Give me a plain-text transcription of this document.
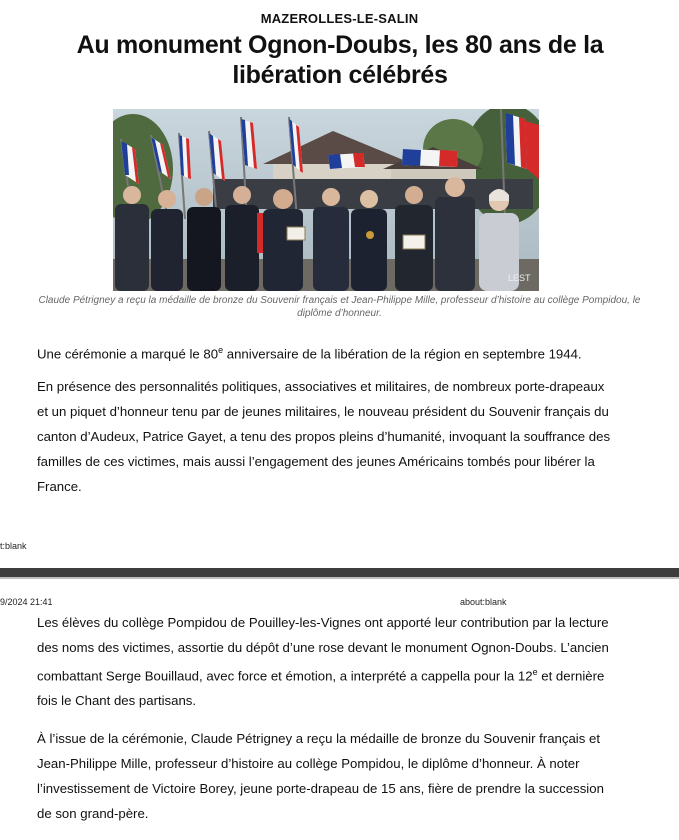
MAZEROLLES-LE-SALIN
Au monument Ognon-Doubs, les 80 ans de la libération célébrés
LEST
Claude Pétrigney a reçu la médaille de bronze du Souvenir français et Jean-Philippe Mille, professeur d’histoire au collège Pompidou, le diplôme d’honneur.

Une cérémonie a marqué le 80e anniversaire de la libération de la région en septembre 1944.

En présence des personnalités politiques, associatives et militaires, de nombreux porte-drapeaux et un piquet d’honneur tenu par de jeunes militaires, le nouveau président du Souvenir français du canton d’Audeux, Patrice Gayet, a tenu des propos pleins d’humanité, invoquant la souffrance des familles de ces victimes, mais aussi l’engagement des jeunes Américains tombés pour libérer la France.

t:blank
9/2024 21:41	about:blank

Les élèves du collège Pompidou de Pouilley-les-Vignes ont apporté leur contribution par la lecture des noms des victimes, assortie du dépôt d’une rose devant le monument Ognon-Doubs. L’ancien combattant Serge Bouillaud, avec force et émotion, a interprété a cappella pour la 12e et dernière fois le Chant des partisans.

À l’issue de la cérémonie, Claude Pétrigney a reçu la médaille de bronze du Souvenir français et Jean-Philippe Mille, professeur d’histoire au collège Pompidou, le diplôme d’honneur. À noter l’investissement de Victoire Borey, jeune porte-drapeau de 15 ans, fière de prendre la succession de son grand-père.
